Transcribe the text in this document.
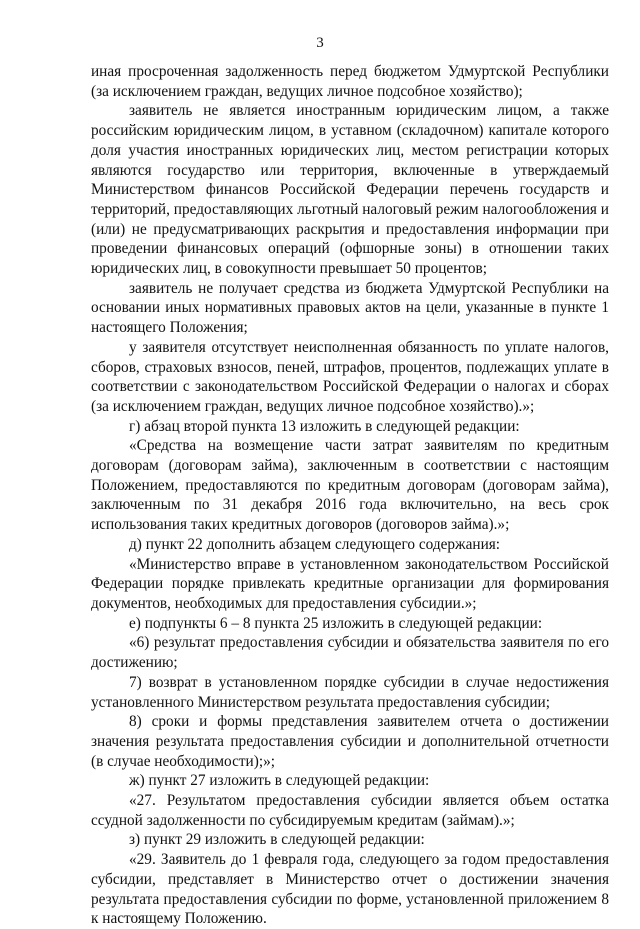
3

иная просроченная задолженность перед бюджетом Удмуртской Республики (за исключением граждан, ведущих личное подсобное хозяйство);

заявитель не является иностранным юридическим лицом, а также российским юридическим лицом, в уставном (складочном) капитале которого доля участия иностранных юридических лиц, местом регистрации которых являются государство или территория, включенные в утверждаемый Министерством финансов Российской Федерации перечень государств и территорий, предоставляющих льготный налоговый режим налогообложения и (или) не предусматривающих раскрытия и предоставления информации при проведении финансовых операций (офшорные зоны) в отношении таких юридических лиц, в совокупности превышает 50 процентов;

заявитель не получает средства из бюджета Удмуртской Республики на основании иных нормативных правовых актов на цели, указанные в пункте 1 настоящего Положения;

у заявителя отсутствует неисполненная обязанность по уплате налогов, сборов, страховых взносов, пеней, штрафов, процентов, подлежащих уплате в соответствии с законодательством Российской Федерации о налогах и сборах (за исключением граждан, ведущих личное подсобное хозяйство).»;

г) абзац второй пункта 13 изложить в следующей редакции:

«Средства на возмещение части затрат заявителям по кредитным договорам (договорам займа), заключенным в соответствии с настоящим Положением, предоставляются по кредитным договорам (договорам займа), заключенным по 31 декабря 2016 года включительно, на весь срок использования таких кредитных договоров (договоров займа).»;

д) пункт 22 дополнить абзацем следующего содержания:

«Министерство вправе в установленном законодательством Российской Федерации порядке привлекать кредитные организации для формирования документов, необходимых для предоставления субсидии.»;

е) подпункты 6 – 8 пункта 25 изложить в следующей редакции:

«6) результат предоставления субсидии и обязательства заявителя по его достижению;

7) возврат в установленном порядке субсидии в случае недостижения установленного Министерством результата предоставления субсидии;

8) сроки и формы представления заявителем отчета о достижении значения результата предоставления субсидии и дополнительной отчетности (в случае необходимости);»;

ж) пункт 27 изложить в следующей редакции:

«27. Результатом предоставления субсидии является объем остатка ссудной задолженности по субсидируемым кредитам (займам).»;

з) пункт 29 изложить в следующей редакции:

«29. Заявитель до 1 февраля года, следующего за годом предоставления субсидии, представляет в Министерство отчет о достижении значения результата предоставления субсидии по форме, установленной приложением 8 к настоящему Положению.
